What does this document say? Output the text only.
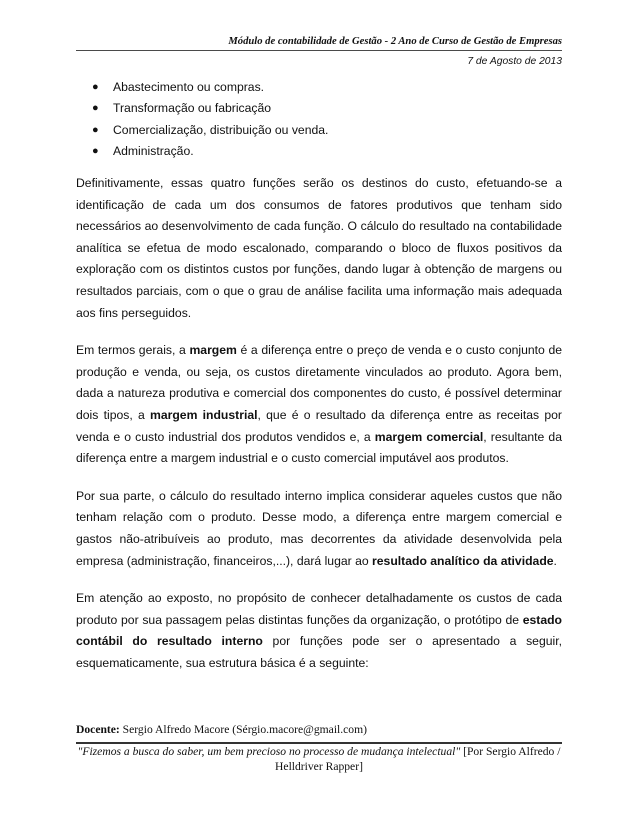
Módulo de contabilidade de Gestão - 2 Ano de Curso de Gestão de Empresas
7 de Agosto de 2013
●	Abastecimento ou compras.
●	Transformação ou fabricação
●	Comercialização, distribuição ou venda.
●	Administração.

Definitivamente, essas quatro funções serão os destinos do custo, efetuando-se a identificação de cada um dos consumos de fatores produtivos que tenham sido necessários ao desenvolvimento de cada função. O cálculo do resultado na contabilidade analítica se efetua de modo escalonado, comparando o bloco de fluxos positivos da exploração com os distintos custos por funções, dando lugar à obtenção de margens ou resultados parciais, com o que o grau de análise facilita uma informação mais adequada aos fins perseguidos.

Em termos gerais, a margem é a diferença entre o preço de venda e o custo conjunto de produção e venda, ou seja, os custos diretamente vinculados ao produto. Agora bem, dada a natureza produtiva e comercial dos componentes do custo, é possível determinar dois tipos, a margem industrial, que é o resultado da diferença entre as receitas por venda e o custo industrial dos produtos vendidos e, a margem comercial, resultante da diferença entre a margem industrial e o custo comercial imputável aos produtos.

Por sua parte, o cálculo do resultado interno implica considerar aqueles custos que não tenham relação com o produto. Desse modo, a diferença entre margem comercial e gastos não-atribuíveis ao produto, mas decorrentes da atividade desenvolvida pela empresa (administração, financeiros,...), dará lugar ao resultado analítico da atividade.

Em atenção ao exposto, no propósito de conhecer detalhadamente os custos de cada produto por sua passagem pelas distintas funções da organização, o protótipo de estado contábil do resultado interno por funções pode ser o apresentado a seguir, esquematicamente, sua estrutura básica é a seguinte:

Docente: Sergio Alfredo Macore (Sérgio.macore@gmail.com)
"Fizemos a busca do saber, um bem precioso no processo de mudança intelectual" [Por Sergio Alfredo / Helldriver Rapper]
